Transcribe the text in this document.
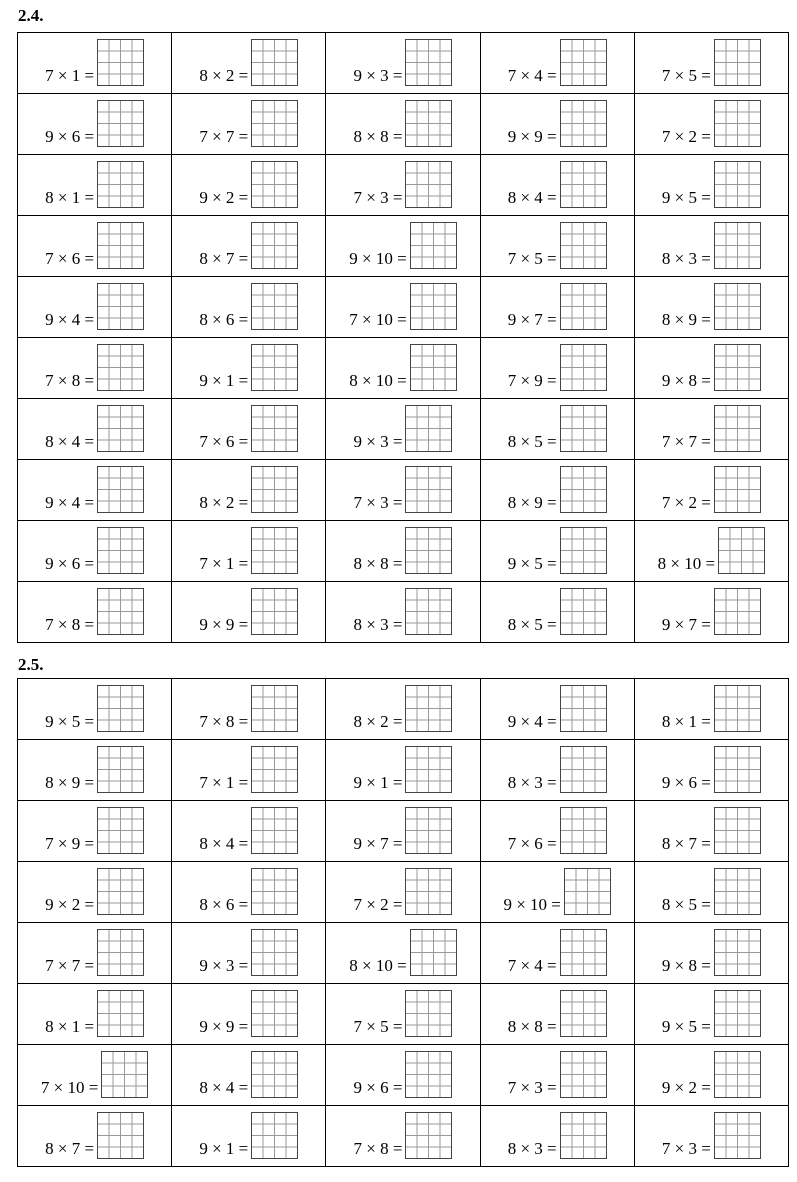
2.4.
7 × 1 =	8 × 2 =	9 × 3 =	7 × 4 =	7 × 5 =

9 × 6 =	7 × 7 =	8 × 8 =	9 × 9 =	7 × 2 =

8 × 1 =	9 × 2 =	7 × 3 =	8 × 4 =	9 × 5 =

7 × 6 =	8 × 7 =	9 × 10 =	7 × 5 =	8 × 3 =

9 × 4 =	8 × 6 =	7 × 10 =	9 × 7 =	8 × 9 =

7 × 8 =	9 × 1 =	8 × 10 =	7 × 9 =	9 × 8 =

8 × 4 =	7 × 6 =	9 × 3 =	8 × 5 =	7 × 7 =

9 × 4 =	8 × 2 =	7 × 3 =	8 × 9 =	7 × 2 =

9 × 6 =	7 × 1 =	8 × 8 =	9 × 5 =	8 × 10 =

7 × 8 =	9 × 9 =	8 × 3 =	8 × 5 =	9 × 7 =
2.5.
9 × 5 =	7 × 8 =	8 × 2 =	9 × 4 =	8 × 1 =

8 × 9 =	7 × 1 =	9 × 1 =	8 × 3 =	9 × 6 =

7 × 9 =	8 × 4 =	9 × 7 =	7 × 6 =	8 × 7 =

9 × 2 =	8 × 6 =	7 × 2 =	9 × 10 =	8 × 5 =

7 × 7 =	9 × 3 =	8 × 10 =	7 × 4 =	9 × 8 =

8 × 1 =	9 × 9 =	7 × 5 =	8 × 8 =	9 × 5 =

7 × 10 =	8 × 4 =	9 × 6 =	7 × 3 =	9 × 2 =

8 × 7 =	9 × 1 =	7 × 8 =	8 × 3 =	7 × 3 =
